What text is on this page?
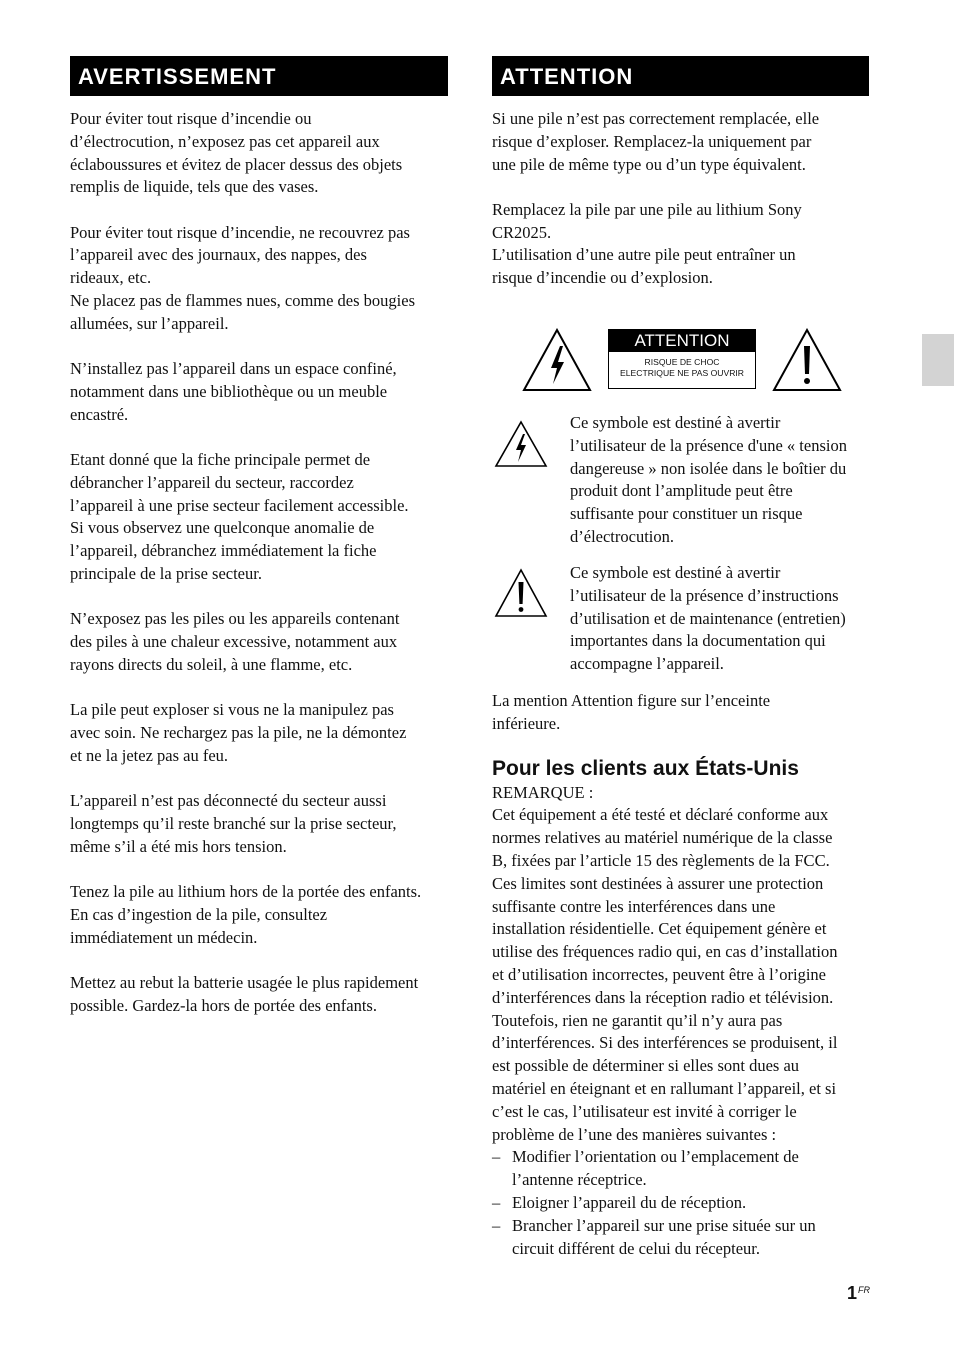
AVERTISSEMENT

Pour éviter tout risque d’incendie ou
d’électrocution, n’exposez pas cet appareil aux
éclaboussures et évitez de placer dessus des objets
remplis de liquide, tels que des vases.

Pour éviter tout risque d’incendie, ne recouvrez pas
l’appareil avec des journaux, des nappes, des
rideaux, etc.
Ne placez pas de flammes nues, comme des bougies
allumées, sur l’appareil.

N’installez pas l’appareil dans un espace confiné,
notamment dans une bibliothèque ou un meuble
encastré.

Etant donné que la fiche principale permet de
débrancher l’appareil du secteur, raccordez
l’appareil à une prise secteur facilement accessible.
Si vous observez une quelconque anomalie de
l’appareil, débranchez immédiatement la fiche
principale de la prise secteur.

N’exposez pas les piles ou les appareils contenant
des piles à une chaleur excessive, notamment aux
rayons directs du soleil, à une flamme, etc.

La pile peut exploser si vous ne la manipulez pas
avec soin. Ne rechargez pas la pile, ne la démontez
et ne la jetez pas au feu.

L’appareil n’est pas déconnecté du secteur aussi
longtemps qu’il reste branché sur la prise secteur,
même s’il a été mis hors tension.

Tenez la pile au lithium hors de la portée des enfants.
En cas d’ingestion de la pile, consultez
immédiatement un médecin.

Mettez au rebut la batterie usagée le plus rapidement
possible. Gardez-la hors de portée des enfants.

ATTENTION

Si une pile n’est pas correctement remplacée, elle
risque d’exploser. Remplacez-la uniquement par
une pile de même type ou d’un type équivalent.

Remplacez la pile par une pile au lithium Sony
CR2025.
L’utilisation d’une autre pile peut entraîner un
risque d’incendie ou d’explosion.

ATTENTION
RISQUE DE CHOC
ELECTRIQUE NE PAS OUVRIR
Ce symbole est destiné à avertir
l’utilisateur de la présence d'une « tension
dangereuse » non isolée dans le boîtier du
produit dont l’amplitude peut être
suffisante pour constituer un risque
d’électrocution.
Ce symbole est destiné à avertir
l’utilisateur de la présence d’instructions
d’utilisation et de maintenance (entretien)
importantes dans la documentation qui
accompagne l’appareil.

La mention Attention figure sur l’enceinte
inférieure.

Pour les clients aux États-Unis

REMARQUE :
Cet équipement a été testé et déclaré conforme aux
normes relatives au matériel numérique de la classe
B, fixées par l’article 15 des règlements de la FCC.
Ces limites sont destinées à assurer une protection
suffisante contre les interférences dans une
installation résidentielle. Cet équipement génère et
utilise des fréquences radio qui, en cas d’installation
et d’utilisation incorrectes, peuvent être à l’origine
d’interférences dans la réception radio et télévision.
Toutefois, rien ne garantit qu’il n’y aura pas
d’interférences. Si des interférences se produisent, il
est possible de déterminer si elles sont dues au
matériel en éteignant et en rallumant l’appareil, et si
c’est le cas, l’utilisateur est invité à corriger le
problème de l’une des manières suivantes :

– Modifier l’orientation ou l’emplacement de
l’antenne réceptrice.
– Eloigner l’appareil du de réception.
– Brancher l’appareil sur une prise située sur un
circuit différent de celui du récepteur.
$1^{FR}$
